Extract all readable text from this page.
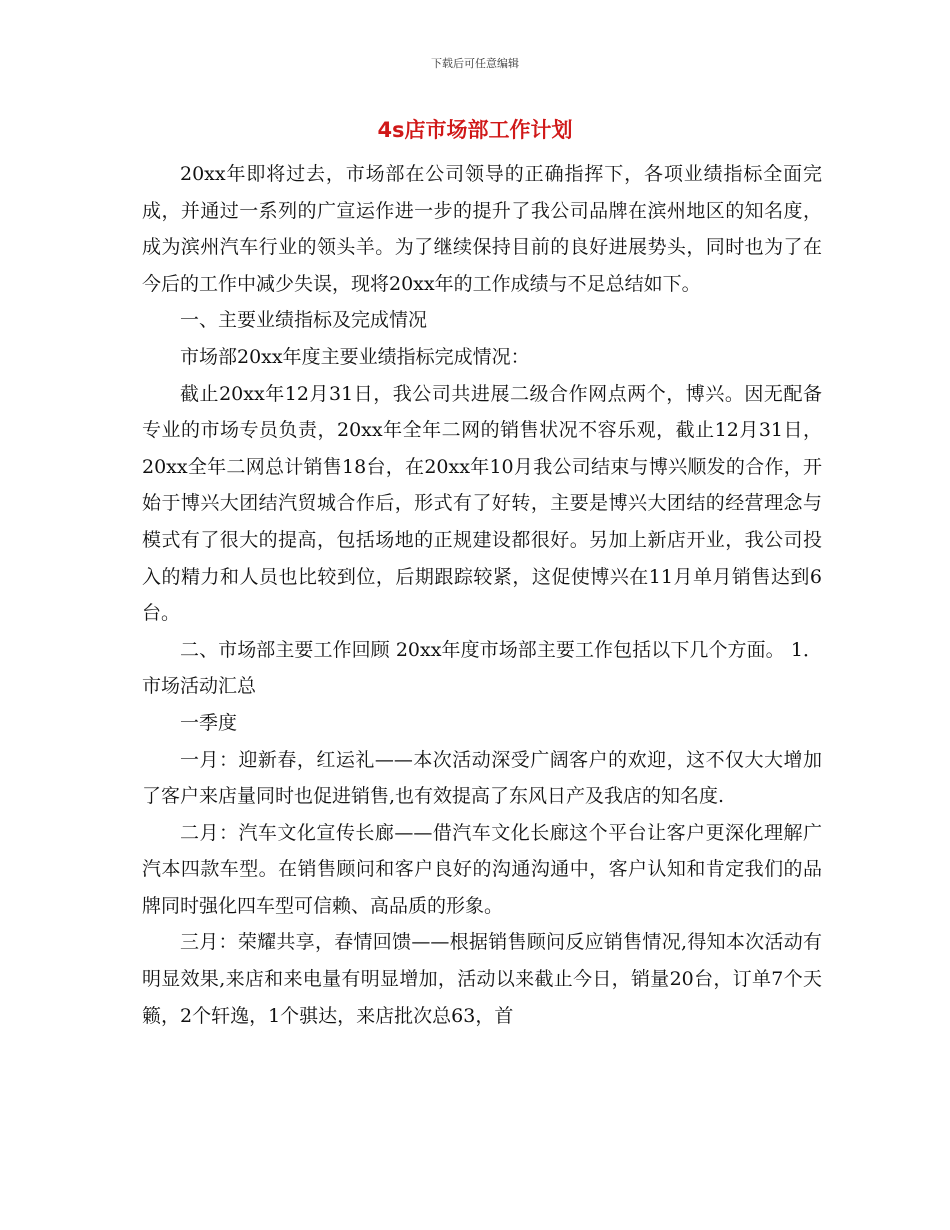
下载后可任意编辑
4s店市场部工作计划

20xx年即将过去，市场部在公司领导的正确指挥下，各项业绩指标全面完成，并通过一系列的广宣运作进一步的提升了我公司品牌在滨州地区的知名度，成为滨州汽车行业的领头羊。为了继续保持目前的良好进展势头，同时也为了在今后的工作中减少失误，现将20xx年的工作成绩与不足总结如下。

一、主要业绩指标及完成情况

市场部20xx年度主要业绩指标完成情况：

截止20xx年12月31日，我公司共进展二级合作网点两个，博兴。因无配备专业的市场专员负责，20xx年全年二网的销售状况不容乐观，截止12月31日，20xx全年二网总计销售18台，在20xx年10月我公司结束与博兴顺发的合作，开始于博兴大团结汽贸城合作后，形式有了好转，主要是博兴大团结的经营理念与模式有了很大的提高，包括场地的正规建设都很好。另加上新店开业，我公司投入的精力和人员也比较到位，后期跟踪较紧，这促使博兴在11月单月销售达到6台。

二、市场部主要工作回顾 20xx年度市场部主要工作包括以下几个方面。 1．市场活动汇总

一季度

一月：迎新春，红运礼——本次活动深受广阔客户的欢迎，这不仅大大增加了客户来店量同时也促进销售,也有效提高了东风日产及我店的知名度.

二月：汽车文化宣传长廊——借汽车文化长廊这个平台让客户更深化理解广汽本四款车型。在销售顾问和客户良好的沟通沟通中，客户认知和肯定我们的品牌同时强化四车型可信赖、高品质的形象。

三月：荣耀共享，春情回馈——根据销售顾问反应销售情况,得知本次活动有明显效果,来店和来电量有明显增加，活动以来截止今日，销量20台，订单7个天籁，2个轩逸，1个骐达，来店批次总63，首
